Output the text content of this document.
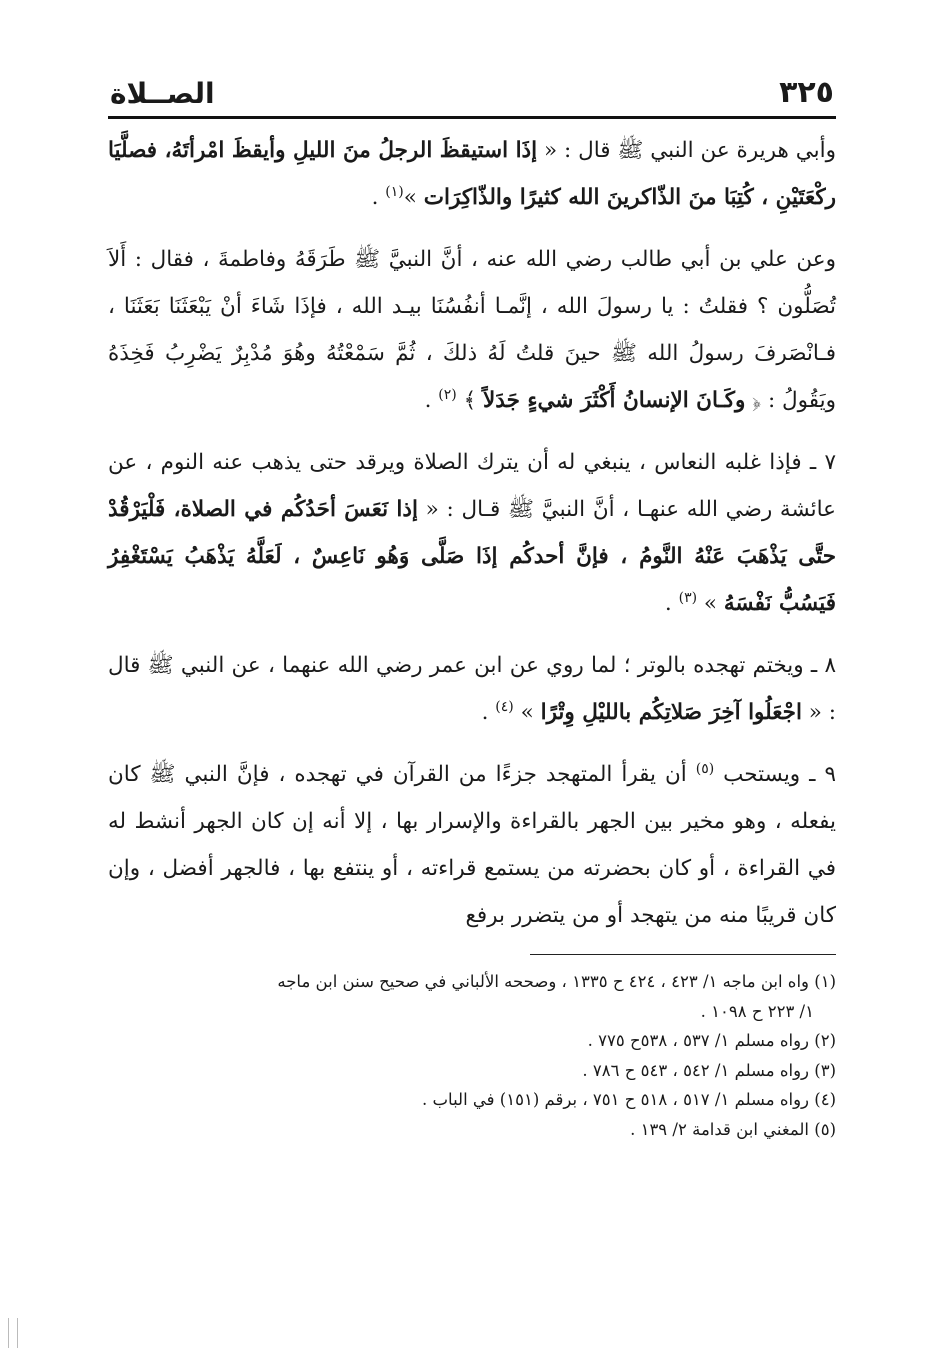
٣٢٥
الصــلاة

وأبي هريرة عن النبي ﷺ قال : « إذَا استيقظَ الرجلُ منَ الليلِ وأيقظَ امْرأتَهُ، فصلَّيَا ركْعَتَيْنِ ، كُتِبَا منَ الذّاكرينَ الله كثيرًا والذّاكِرَات »$^{(١)}$ .

وعن علي بن أبي طالب رضي الله عنه ، أنَّ النبيَّ ﷺ طَرَقَهُ وفاطمةَ ، فقال : أَلاَ تُصَلُّون ؟ فقلتُ : يا رسولَ الله ، إنَّمـا أنفُسُنَا بيـد الله ، فإذَا شَاءَ أنْ يَبْعَثَنَا بَعَثَنَا ، فـانْصَرفَ رسولُ الله ﷺ حينَ قلتُ لَهُ ذلكَ ، ثُمَّ سَمْعْتُهُ وهُوَ مُدْبِرٌ يَضْرِبُ فَخِذَهُ ويَقُولُ : ﴿ وكَـانَ الإنسانُ أَكْثَرَ شيءٍ جَدَلاً ﴾ $^{(٢)}$ .

٧ ـ فإذا غلبه النعاس ، ينبغي له أن يترك الصلاة ويرقد حتى يذهب عنه النوم ، عن عائشة رضي الله عنهـا ، أنَّ النبيَّ ﷺ قـال : « إذا نَعَسَ أحَدُكُم في الصلاة، فَلْيَرْقُدْ حتَّى يَذْهَبَ عَنْهُ النَّومُ ، فإنَّ أحدكُم إذَا صَلَّى وَهُو نَاعِسٌ ، لَعَلَّهُ يَذْهَبُ يَسْتَغْفِرُ فَيَسُبُّ نَفْسَهُ » $^{(٣)}$ .

٨ ـ ويختم تهجده بالوتر ؛ لما روي عن ابن عمر رضي الله عنهما ، عن النبي ﷺ قال : « اجْعَلُوا آخِرَ صَلاتِكُم بالليْلِ وِتْرًا » $^{(٤)}$ .

٩ ـ ويستحب $^{(٥)}$ أن يقرأ المتهجد جزءًا من القرآن في تهجده ، فإنَّ النبي ﷺ كان يفعله ، وهو مخير بين الجهر بالقراءة والإسرار بها ، إلا أنه إن كان الجهر أنشط له في القراءة ، أو كان بحضرته من يستمع قراءته ، أو ينتفع بها ، فالجهر أفضل ، وإن كان قريبًا منه من يتهجد أو من يتضرر برفع

(١) واه ابن ماجه ١/ ٤٢٣ ، ٤٢٤ ح ١٣٣٥ ، وصححه الألباني في صحيح سنن ابن ماجه
١/ ٢٢٣ ح ١٠٩٨ .

(٢) رواه مسلم ١/ ٥٣٧ ، ٥٣٨ح ٧٧٥ .

(٣) رواه مسلم ١/ ٥٤٢ ، ٥٤٣ ح ٧٨٦ .

(٤) رواه مسلم ١/ ٥١٧ ، ٥١٨ ح ٧٥١ ، برقم (١٥١) في الباب .

(٥) المغني ابن قدامة ٢/ ١٣٩ .
